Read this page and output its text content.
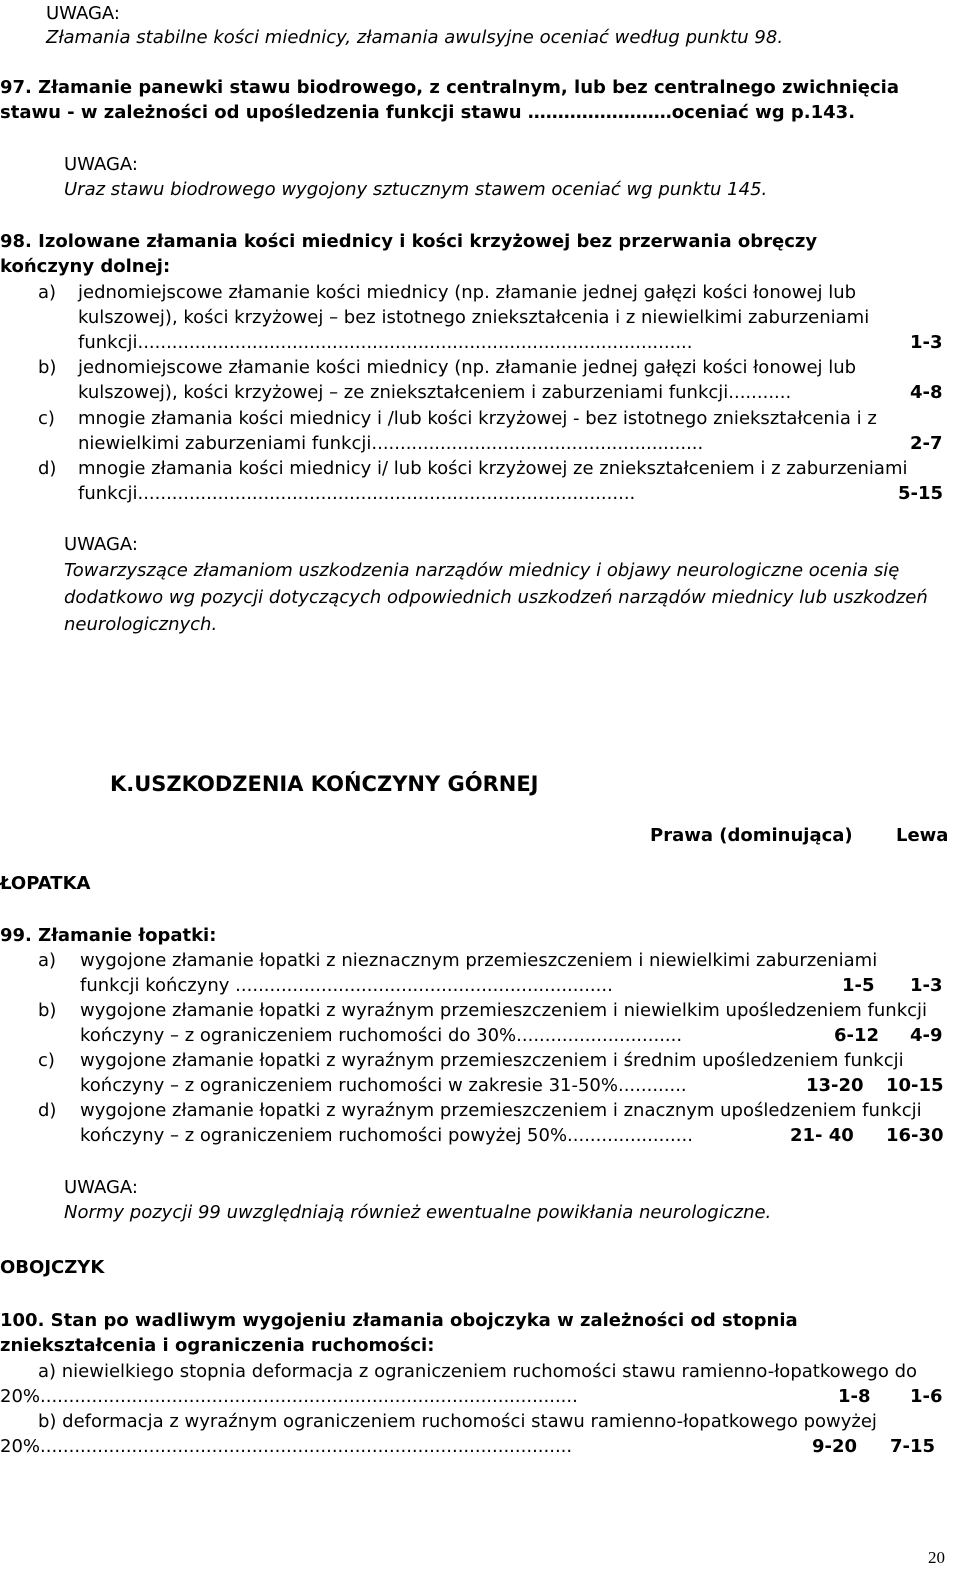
UWAGA:
Złamania stabilne kości miednicy, złamania awulsyjne oceniać według punktu 98.
97. Złamanie panewki stawu biodrowego, z centralnym, lub bez centralnego zwichnięcia
stawu - w zależności od upośledzenia funkcji stawu ……………………oceniać wg p.143.
UWAGA:
Uraz stawu biodrowego wygojony sztucznym stawem oceniać wg punktu 145.
98. Izolowane złamania kości miednicy i kości krzyżowej bez przerwania obręczy
kończyny dolnej:
a) jednomiejscowe złamanie kości miednicy (np. złamanie jednej gałęzi kości łonowej lub
kulszowej), kości krzyżowej – bez istotnego zniekształcenia i z niewielkimi zaburzeniami
funkcji.................................................................................................	1-3
b) jednomiejscowe złamanie kości miednicy (np. złamanie jednej gałęzi kości łonowej lub
kulszowej), kości krzyżowej – ze zniekształceniem i zaburzeniami funkcji...........	4-8
c) mnogie złamania kości miednicy i /lub kości krzyżowej - bez istotnego zniekształcenia i z
niewielkimi zaburzeniami funkcji..........................................................	2-7
d) mnogie złamania kości miednicy i/ lub kości krzyżowej ze zniekształceniem i z zaburzeniami
funkcji.......................................................................................	5-15
UWAGA:
Towarzyszące złamaniom uszkodzenia narządów miednicy i objawy neurologiczne ocenia się
dodatkowo wg pozycji dotyczących odpowiednich uszkodzeń narządów miednicy lub uszkodzeń
neurologicznych.
K.USZKODZENIA KOŃCZYNY GÓRNEJ
Prawa (dominująca) Lewa
ŁOPATKA
99. Złamanie łopatki:
a) wygojone złamanie łopatki z nieznacznym przemieszczeniem i niewielkimi zaburzeniami
funkcji kończyny ..................................................................	1-5 1-3
b) wygojone złamanie łopatki z wyraźnym przemieszczeniem i niewielkim upośledzeniem funkcji
kończyny – z ograniczeniem ruchomości do 30%.............................	6-12 4-9
c) wygojone złamanie łopatki z wyraźnym przemieszczeniem i średnim upośledzeniem funkcji
kończyny – z ograniczeniem ruchomości w zakresie 31-50%............	13-20 10-15
d) wygojone złamanie łopatki z wyraźnym przemieszczeniem i znacznym upośledzeniem funkcji
kończyny – z ograniczeniem ruchomości powyżej 50%......................	21- 40 16-30
UWAGA:
Normy pozycji 99 uwzględniają również ewentualne powikłania neurologiczne.
OBOJCZYK
100. Stan po wadliwym wygojeniu złamania obojczyka w zależności od stopnia
zniekształcenia i ograniczenia ruchomości:
a) niewielkiego stopnia deformacja z ograniczeniem ruchomości stawu ramienno-łopatkowego do
20%..............................................................................................	1-8 1-6
b) deformacja z wyraźnym ograniczeniem ruchomości stawu ramienno-łopatkowego powyżej
20%.............................................................................................	9-20 7-15
20
